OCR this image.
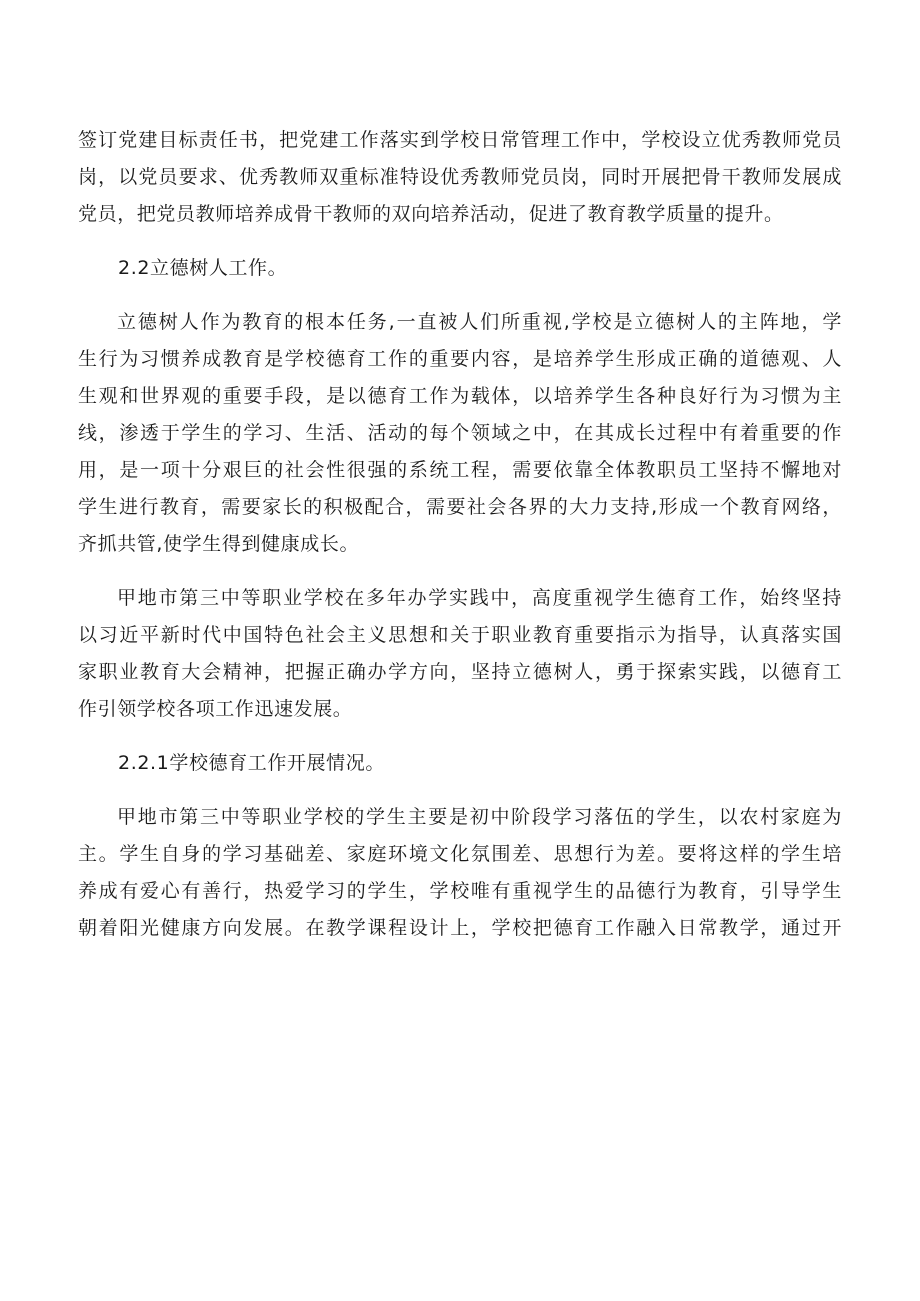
签订党建目标责任书，把党建工作落实到学校日常管理工作中，学校设立优秀教师党员
岗，以党员要求、优秀教师双重标准特设优秀教师党员岗，同时开展把骨干教师发展成
党员，把党员教师培养成骨干教师的双向培养活动，促进了教育教学质量的提升。
2.2立德树人工作。
立德树人作为教育的根本任务,一直被人们所重视,学校是立德树人的主阵地，学
生行为习惯养成教育是学校德育工作的重要内容，是培养学生形成正确的道德观、人
生观和世界观的重要手段，是以德育工作为载体，以培养学生各种良好行为习惯为主
线，渗透于学生的学习、生活、活动的每个领域之中，在其成长过程中有着重要的作
用，是一项十分艰巨的社会性很强的系统工程，需要依靠全体教职员工坚持不懈地对
学生进行教育，需要家长的积极配合，需要社会各界的大力支持,形成一个教育网络，
齐抓共管,使学生得到健康成长。
甲地市第三中等职业学校在多年办学实践中，高度重视学生德育工作，始终坚持
以习近平新时代中国特色社会主义思想和关于职业教育重要指示为指导，认真落实国
家职业教育大会精神，把握正确办学方向，坚持立德树人，勇于探索实践，以德育工
作引领学校各项工作迅速发展。
2.2.1学校德育工作开展情况。
甲地市第三中等职业学校的学生主要是初中阶段学习落伍的学生，以农村家庭为
主。学生自身的学习基础差、家庭环境文化氛围差、思想行为差。要将这样的学生培
养成有爱心有善行，热爱学习的学生，学校唯有重视学生的品德行为教育，引导学生
朝着阳光健康方向发展。在教学课程设计上，学校把德育工作融入日常教学，通过开
